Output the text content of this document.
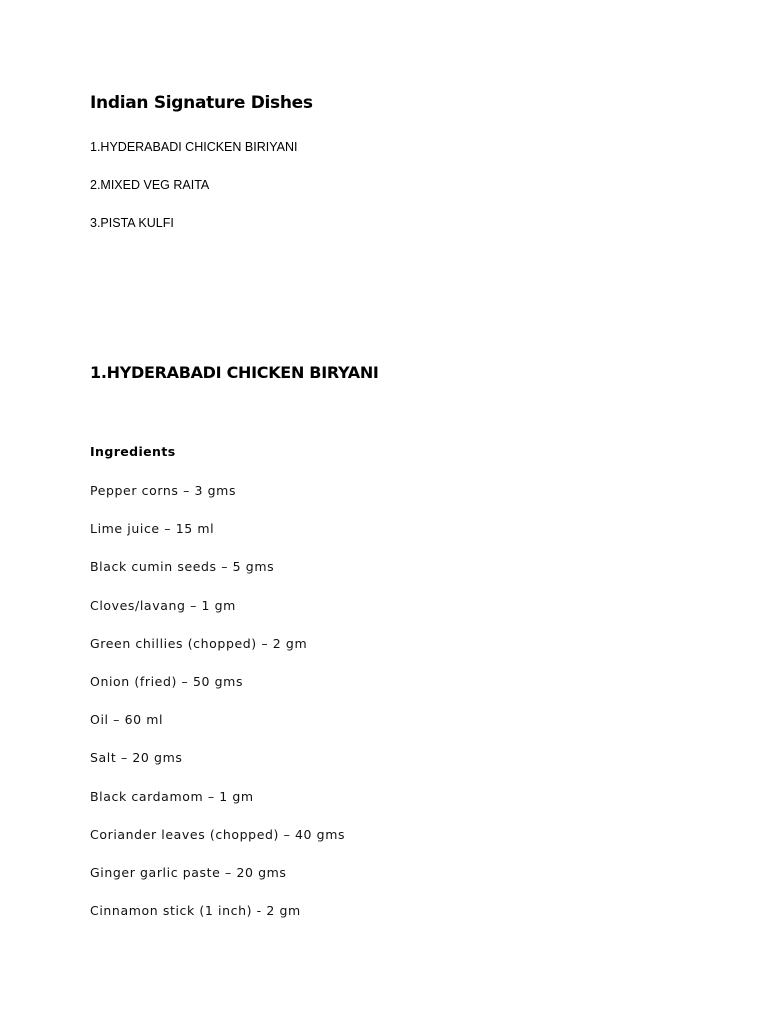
Indian Signature Dishes
1.HYDERABADI CHICKEN BIRIYANI
2.MIXED VEG RAITA
3.PISTA KULFI
1.HYDERABADI CHICKEN BIRYANI
Ingredients
Pepper corns – 3 gms
Lime juice – 15 ml
Black cumin seeds – 5 gms
Cloves/lavang – 1 gm
Green chillies (chopped) – 2 gm
Onion (fried) – 50 gms
Oil – 60 ml
Salt – 20 gms
Black cardamom – 1 gm
Coriander leaves (chopped) – 40 gms
Ginger garlic paste – 20 gms
Cinnamon stick (1 inch) - 2 gm
